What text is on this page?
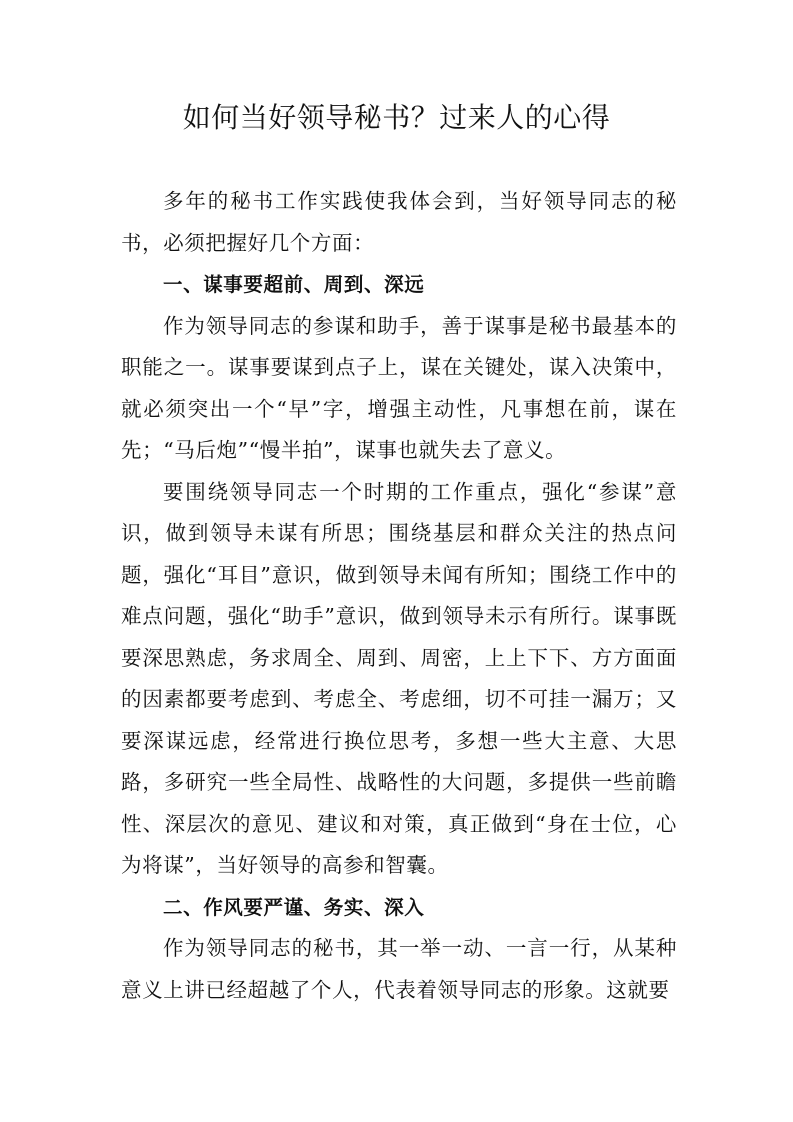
如何当好领导秘书？过来人的心得

多年的秘书工作实践使我体会到，当好领导同志的秘书，必须把握好几个方面：

一、谋事要超前、周到、深远

作为领导同志的参谋和助手，善于谋事是秘书最基本的职能之一。谋事要谋到点子上，谋在关键处，谋入决策中，就必须突出一个“早”字，增强主动性，凡事想在前，谋在先；“马后炮”“慢半拍”，谋事也就失去了意义。

要围绕领导同志一个时期的工作重点，强化“参谋”意识，做到领导未谋有所思；围绕基层和群众关注的热点问题，强化“耳目”意识，做到领导未闻有所知；围绕工作中的难点问题，强化“助手”意识，做到领导未示有所行。谋事既要深思熟虑，务求周全、周到、周密，上上下下、方方面面的因素都要考虑到、考虑全、考虑细，切不可挂一漏万；又要深谋远虑，经常进行换位思考，多想一些大主意、大思路，多研究一些全局性、战略性的大问题，多提供一些前瞻性、深层次的意见、建议和对策，真正做到“身在士位，心为将谋”，当好领导的高参和智囊。

二、作风要严谨、务实、深入

作为领导同志的秘书，其一举一动、一言一行，从某种意义上讲已经超越了个人，代表着领导同志的形象。这就要
